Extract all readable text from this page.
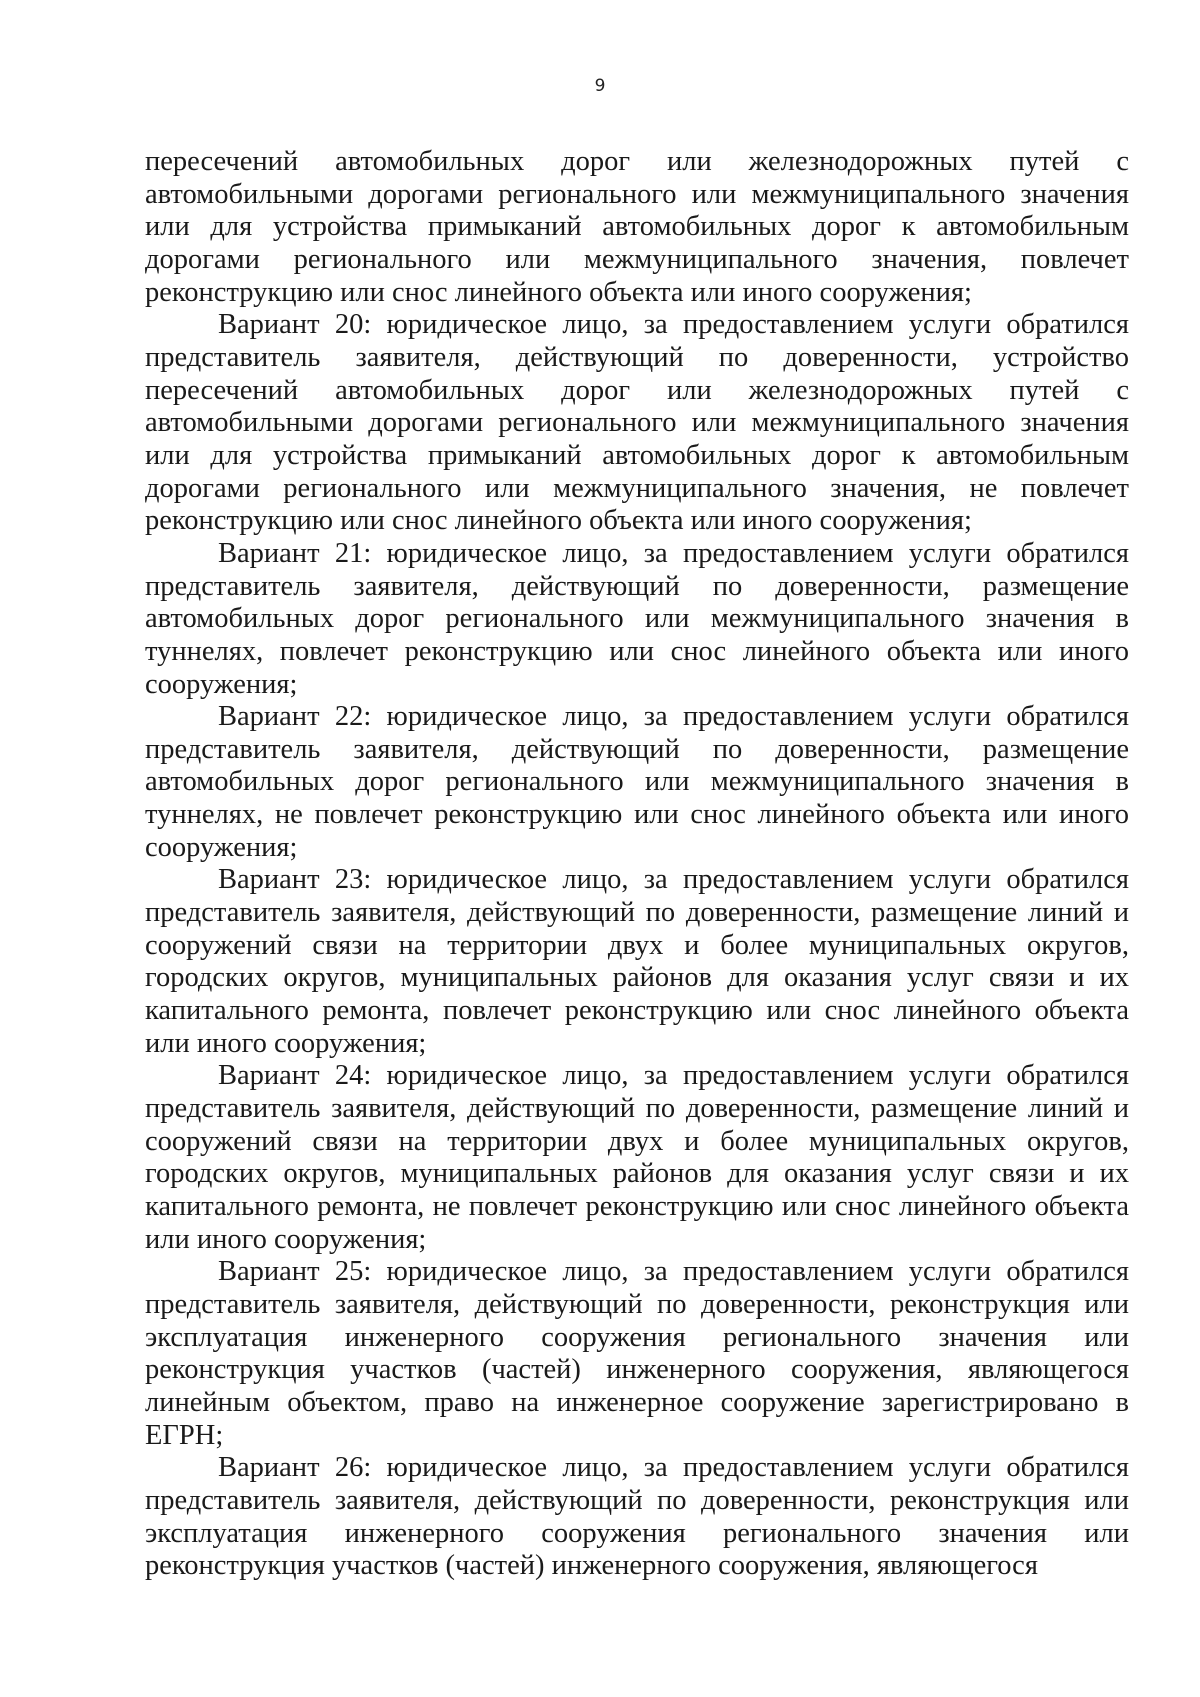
9

пересечений автомобильных дорог или железнодорожных путей с автомобильными дорогами регионального или межмуниципального значения или для устройства примыканий автомобильных дорог к автомобильным дорогами регионального или межмуниципального значения, повлечет реконструкцию или снос линейного объекта или иного сооружения;

Вариант 20: юридическое лицо, за предоставлением услуги обратился представитель заявителя, действующий по доверенности, устройство пересечений автомобильных дорог или железнодорожных путей с автомобильными дорогами регионального или межмуниципального значения или для устройства примыканий автомобильных дорог к автомобильным дорогами регионального или межмуниципального значения, не повлечет реконструкцию или снос линейного объекта или иного сооружения;

Вариант 21: юридическое лицо, за предоставлением услуги обратился представитель заявителя, действующий по доверенности, размещение автомобильных дорог регионального или межмуниципального значения в туннелях, повлечет реконструкцию или снос линейного объекта или иного сооружения;

Вариант 22: юридическое лицо, за предоставлением услуги обратился представитель заявителя, действующий по доверенности, размещение автомобильных дорог регионального или межмуниципального значения в туннелях, не повлечет реконструкцию или снос линейного объекта или иного сооружения;

Вариант 23: юридическое лицо, за предоставлением услуги обратился представитель заявителя, действующий по доверенности, размещение линий и сооружений связи на территории двух и более муниципальных округов, городских округов, муниципальных районов для оказания услуг связи и их капитального ремонта, повлечет реконструкцию или снос линейного объекта или иного сооружения;

Вариант 24: юридическое лицо, за предоставлением услуги обратился представитель заявителя, действующий по доверенности, размещение линий и сооружений связи на территории двух и более муниципальных округов, городских округов, муниципальных районов для оказания услуг связи и их капитального ремонта, не повлечет реконструкцию или снос линейного объекта или иного сооружения;

Вариант 25: юридическое лицо, за предоставлением услуги обратился представитель заявителя, действующий по доверенности, реконструкция или эксплуатация инженерного сооружения регионального значения или реконструкция участков (частей) инженерного сооружения, являющегося линейным объектом, право на инженерное сооружение зарегистрировано в ЕГРН;

Вариант 26: юридическое лицо, за предоставлением услуги обратился представитель заявителя, действующий по доверенности, реконструкция или эксплуатация инженерного сооружения регионального значения или реконструкция участков (частей) инженерного сооружения, являющегося
